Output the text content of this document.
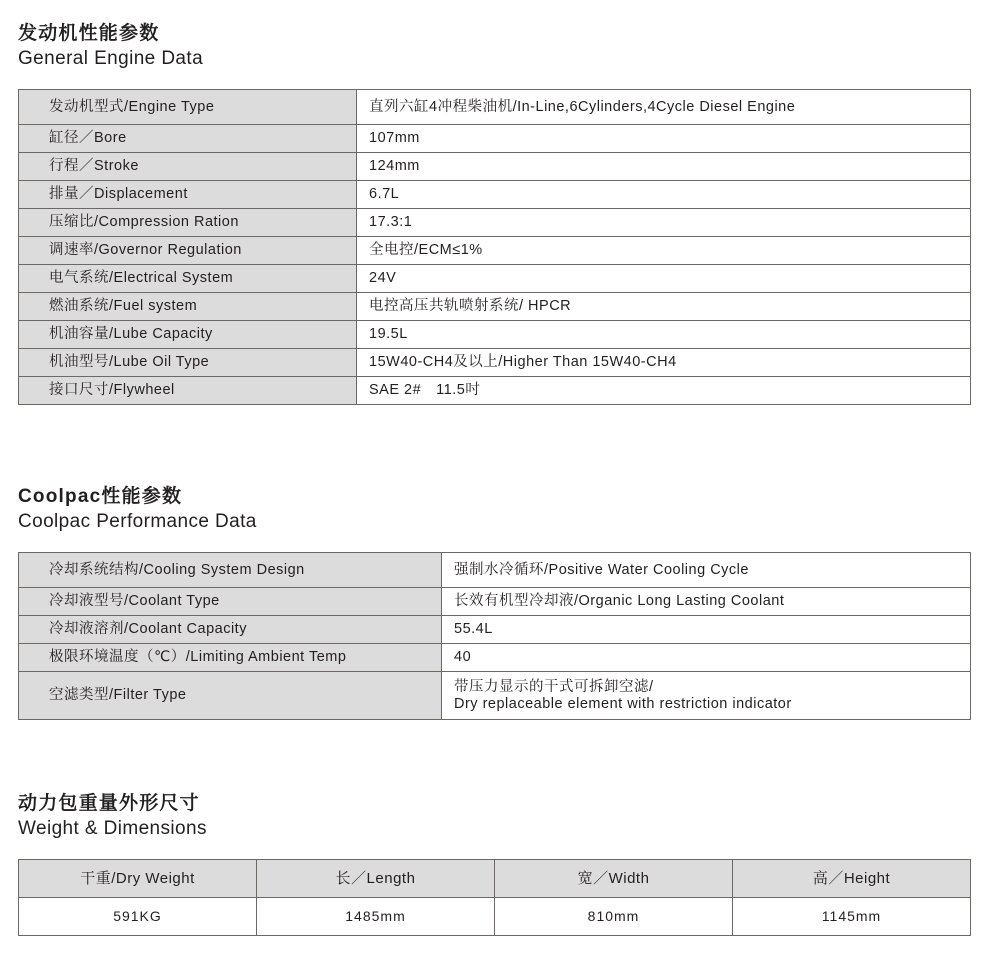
发动机性能参数
General Engine Data
发动机型式/Engine Type	直列六缸4冲程柴油机/In-Line,6Cylinders,4Cycle Diesel Engine
缸径／Bore	107mm
行程／Stroke	124mm
排量／Displacement	6.7L
压缩比/Compression Ration	17.3:1
调速率/Governor Regulation	全电控/ECM≤1%
电气系统/Electrical System	24V
燃油系统/Fuel system	电控高压共轨喷射系统/ HPCR
机油容量/Lube Capacity	19.5L
机油型号/Lube Oil Type	15W40-CH4及以上/Higher Than 15W40-CH4
接口尺寸/Flywheel	SAE 2#　11.5吋
Coolpac性能参数
Coolpac Performance Data
冷却系统结构/Cooling System Design	强制水冷循环/Positive Water Cooling Cycle
冷却液型号/Coolant Type	长效有机型冷却液/Organic Long Lasting Coolant
冷却液溶剂/Coolant Capacity	55.4L
极限环境温度（℃）/Limiting Ambient Temp	40
空滤类型/Filter Type	带压力显示的干式可拆卸空滤/
Dry replaceable element with restriction indicator
动力包重量外形尺寸
Weight & Dimensions
干重/Dry Weight	长／Length	宽／Width	高／Height
591KG	1485mm	810mm	1145mm
